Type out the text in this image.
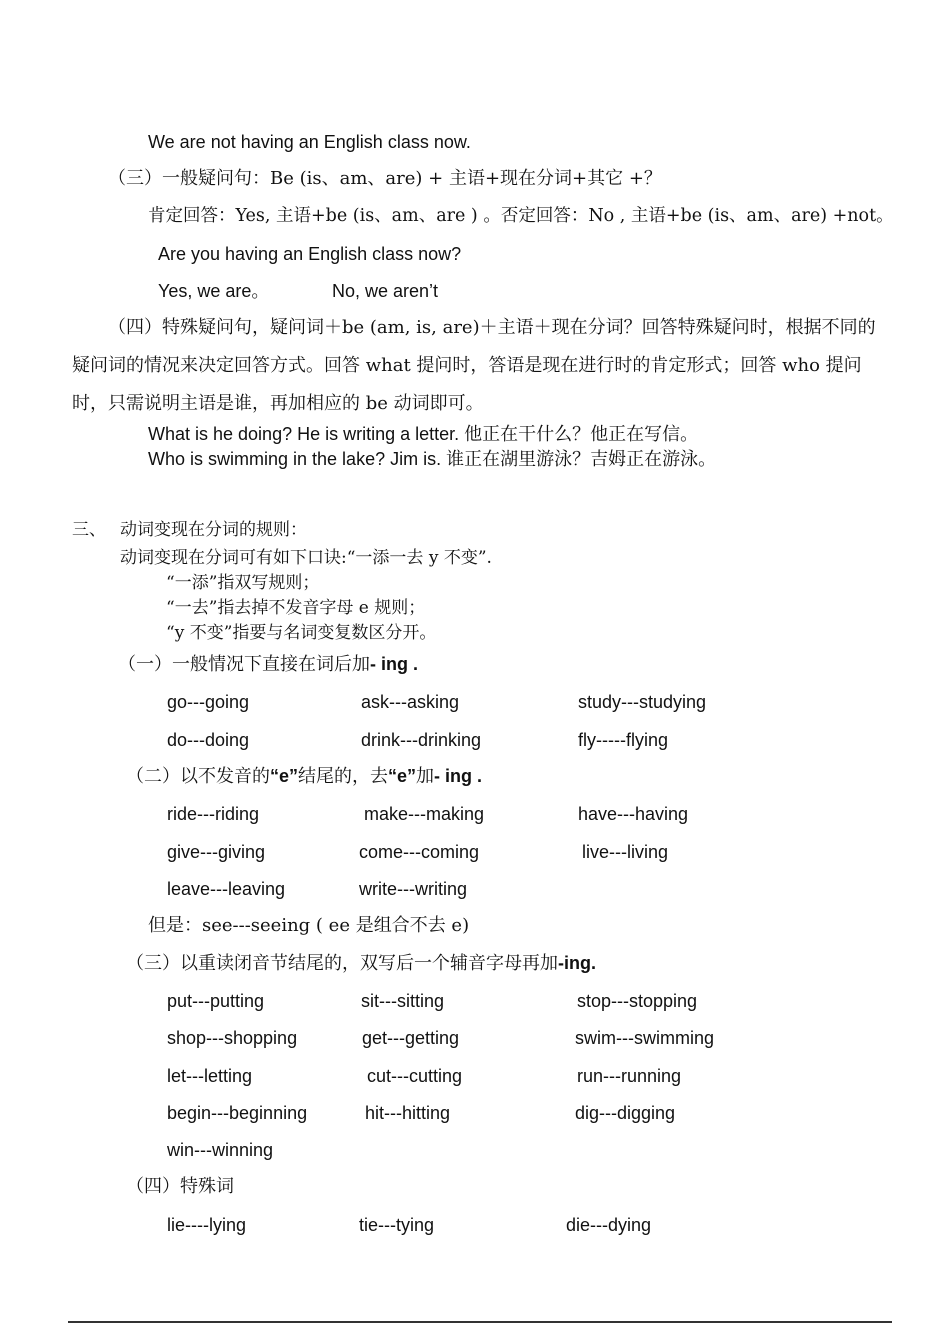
We are not having an English class now.
（三）一般疑问句：Be (is、am、are) + 主语+现在分词+其它 +？
肯定回答：Yes, 主语+be (is、am、are ) 。否定回答：No , 主语+be (is、am、are) +not。
Are you having an English class now?
Yes, we are。	No, we aren’t
（四）特殊疑问句，疑问词＋be (am, is, are)＋主语＋现在分词？回答特殊疑问时，根据不同的疑问词的情况来决定回答方式。回答 what 提问时，答语是现在进行时的肯定形式；回答 who 提问时，只需说明主语是谁，再加相应的 be 动词即可。
What is he doing? He is writing a letter. 他正在干什么？他正在写信。
Who is swimming in the lake? Jim is. 谁正在湖里游泳？吉姆正在游泳。
三、 动词变现在分词的规则：
动词变现在分词可有如下口诀:“一添一去 y 不变”.
“一添”指双写规则；
“一去”指去掉不发音字母 e 规则；
“y 不变”指要与名词变复数区分开。
（一）一般情况下直接在词后加- ing .
go---going	ask---asking	study---studying
do---doing	drink---drinking	fly-----flying
（二）以不发音的“e”结尾的，去“e”加- ing .
ride---riding	make---making	have---having
give---giving	come---coming	live---living
leave---leaving	write---writing
但是：see---seeing ( ee 是组合不去 e)
（三）以重读闭音节结尾的，双写后一个辅音字母再加-ing.
put---putting	sit---sitting	stop---stopping
shop---shopping	get---getting	swim---swimming
let---letting	cut---cutting	run---running
begin---beginning	hit---hitting	dig---digging
win---winning
（四）特殊词
lie----lying	tie---tying	die---dying
